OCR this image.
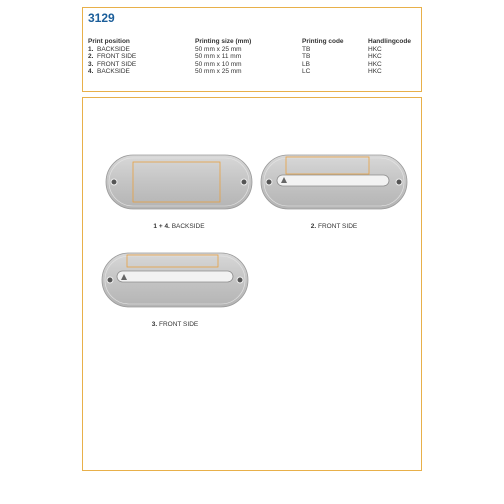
3129
Print position	Printing size (mm)	Printing code	Handlingcode
1. BACKSIDE	50 mm x 25 mm	TB	HKC
2. FRONT SIDE	50 mm x 11 mm	TB	HKC
3. FRONT SIDE	50 mm x 10 mm	LB	HKC
4. BACKSIDE	50 mm x 25 mm	LC	HKC
1 + 4. BACKSIDE	2. FRONT SIDE
3. FRONT SIDE
